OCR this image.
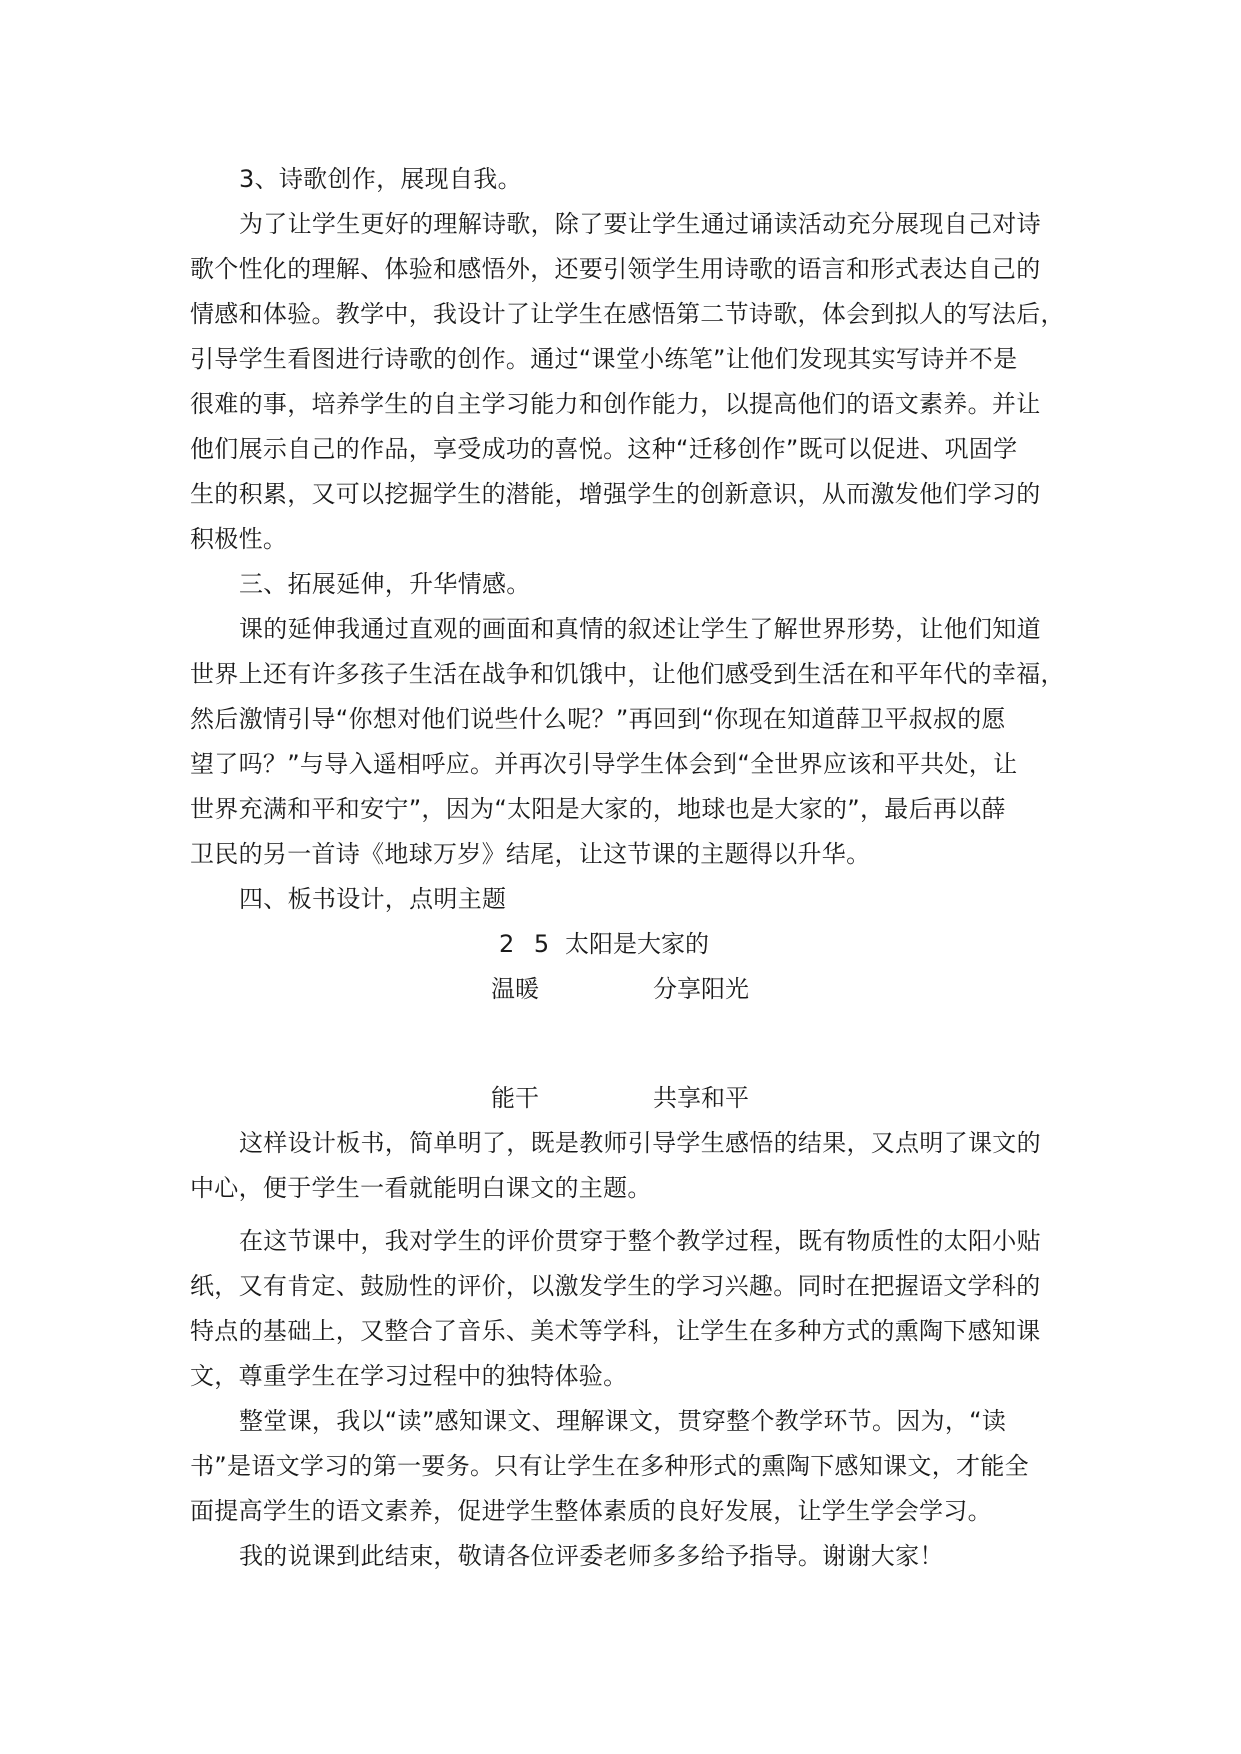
3、诗歌创作，展现自我。
为了让学生更好的理解诗歌，除了要让学生通过诵读活动充分展现自己对诗
歌个性化的理解、体验和感悟外，还要引领学生用诗歌的语言和形式表达自己的
情感和体验。教学中，我设计了让学生在感悟第二节诗歌，体会到拟人的写法后，
引导学生看图进行诗歌的创作。通过“课堂小练笔”让他们发现其实写诗并不是
很难的事，培养学生的自主学习能力和创作能力，以提高他们的语文素养。并让
他们展示自己的作品，享受成功的喜悦。这种“迁移创作”既可以促进、巩固学
生的积累，又可以挖掘学生的潜能，增强学生的创新意识，从而激发他们学习的
积极性。
三、拓展延伸，升华情感。
课的延伸我通过直观的画面和真情的叙述让学生了解世界形势，让他们知道
世界上还有许多孩子生活在战争和饥饿中，让他们感受到生活在和平年代的幸福，
然后激情引导“你想对他们说些什么呢？”再回到“你现在知道薛卫平叔叔的愿
望了吗？”与导入遥相呼应。并再次引导学生体会到“全世界应该和平共处，让
世界充满和平和安宁”，因为“太阳是大家的，地球也是大家的”，最后再以薛
卫民的另一首诗《地球万岁》结尾，让这节课的主题得以升华。
四、板书设计，点明主题
2 5 太阳是大家的
温暖	分享阳光
能干	共享和平
这样设计板书，简单明了，既是教师引导学生感悟的结果，又点明了课文的
中心，便于学生一看就能明白课文的主题。
在这节课中，我对学生的评价贯穿于整个教学过程，既有物质性的太阳小贴
纸，又有肯定、鼓励性的评价，以激发学生的学习兴趣。同时在把握语文学科的
特点的基础上，又整合了音乐、美术等学科，让学生在多种方式的熏陶下感知课
文，尊重学生在学习过程中的独特体验。
整堂课，我以“读”感知课文、理解课文，贯穿整个教学环节。因为，“读
书”是语文学习的第一要务。只有让学生在多种形式的熏陶下感知课文，才能全
面提高学生的语文素养，促进学生整体素质的良好发展，让学生学会学习。
我的说课到此结束，敬请各位评委老师多多给予指导。谢谢大家！
